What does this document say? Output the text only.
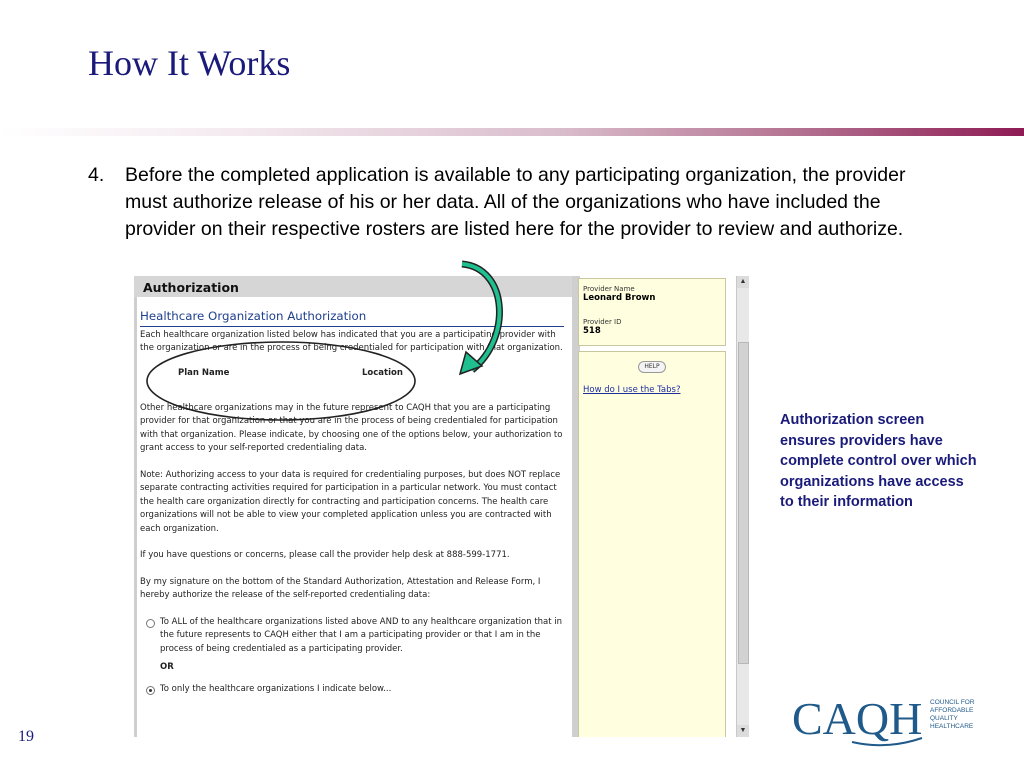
How It Works
4. Before the completed application is available to any participating organization, the provider must authorize release of his or her data. All of the organizations who have included the provider on their respective rosters are listed here for the provider to review and authorize.
Authorization
Healthcare Organization Authorization

Each healthcare organization listed below has indicated that you are a participating provider with the organization or are in the process of being credentialed for participation with that organization.

Plan Name	Location

Other healthcare organizations may in the future represent to CAQH that you are a participating provider for that organization or that you are in the process of being credentialed for participation with that organization. Please indicate, by choosing one of the options below, your authorization to grant access to your self-reported credentialing data.

Note: Authorizing access to your data is required for credentialing purposes, but does NOT replace separate contracting activities required for participation in a particular network. You must contact the health care organization directly for contracting and participation concerns. The health care organizations will not be able to view your completed application unless you are contracted with each organization.

If you have questions or concerns, please call the provider help desk at 888-599-1771.

By my signature on the bottom of the Standard Authorization, Attestation and Release Form, I hereby authorize the release of the self-reported credentialing data:

To ALL of the healthcare organizations listed above AND to any healthcare organization that in the future represents to CAQH either that I am a participating provider or that I am in the process of being credentialed as a participating provider.
OR
To only the healthcare organizations I indicate below...
Provider Name
Leonard Brown
Provider ID
518
HELP
How do I use the Tabs?
▲
▼
Authorization screen ensures providers have complete control over which organizations have access to their information
19	CAQH COUNCIL FOR
AFFORDABLE
QUALITY
HEALTHCARE
